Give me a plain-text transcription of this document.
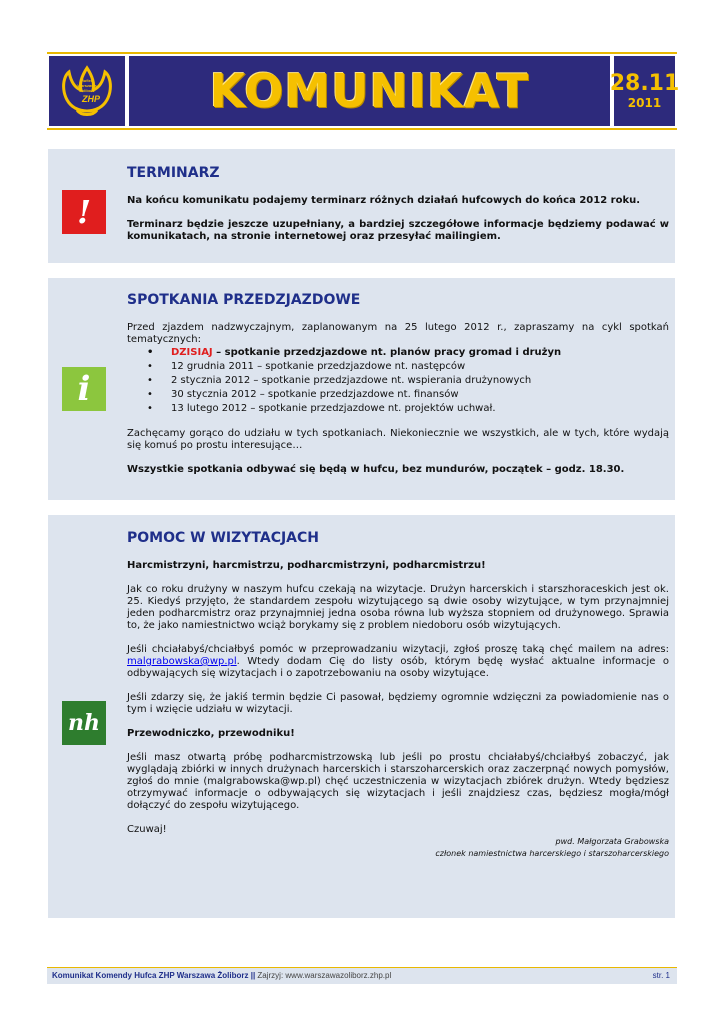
Hufiec
Warszawa
Żoliborz
ZHP KOMUNIKAT	28.11
2011
!
TERMINARZ

Na końcu komunikatu podajemy terminarz różnych działań hufcowych do końca 2012 roku.

Terminarz będzie jeszcze uzupełniany, a bardziej szczegółowe informacje będziemy podawać w komunikatach, na stronie internetowej oraz przesyłać mailingiem.

i
SPOTKANIA PRZEDZJAZDOWE

Przed zjazdem nadzwyczajnym, zaplanowanym na 25 lutego 2012 r., zapraszamy na cykl spotkań tematycznych:

• DZISIAJ – spotkanie przedzjazdowe nt. planów pracy gromad i drużyn
• 12 grudnia 2011 – spotkanie przedzjazdowe nt. następców
• 2 stycznia 2012 – spotkanie przedzjazdowe nt. wspierania drużynowych
• 30 stycznia 2012 – spotkanie przedzjazdowe nt. finansów
• 13 lutego 2012 – spotkanie przedzjazdowe nt. projektów uchwał.

Zachęcamy gorąco do udziału w tych spotkaniach. Niekoniecznie we wszystkich, ale w tych, które wydają się komuś po prostu interesujące…

Wszystkie spotkania odbywać się będą w hufcu, bez mundurów, początek – godz. 18.30.

nh
POMOC W WIZYTACJACH

Harcmistrzyni, harcmistrzu, podharcmistrzyni, podharcmistrzu!

Jak co roku drużyny w naszym hufcu czekają na wizytacje. Drużyn harcerskich i starszhoraceskich jest ok. 25. Kiedyś przyjęto, że standardem zespołu wizytującego są dwie osoby wizytujące, w tym przynajmniej jeden podharcmistrz oraz przynajmniej jedna osoba równa lub wyższa stopniem od drużynowego. Sprawia to, że jako namiestnictwo wciąż borykamy się z problem niedoboru osób wizytujących.

Jeśli chciałabyś/chciałbyś pomóc w przeprowadzaniu wizytacji, zgłoś proszę taką chęć mailem na adres: malgrabowska@wp.pl. Wtedy dodam Cię do listy osób, którym będę wysłać aktualne informacje o odbywających się wizytacjach i o zapotrzebowaniu na osoby wizytujące.

Jeśli zdarzy się, że jakiś termin będzie Ci pasował, będziemy ogromnie wdzięczni za powiadomienie nas o tym i wzięcie udziału w wizytacji.

Przewodniczko, przewodniku!

Jeśli masz otwartą próbę podharcmistrzowską lub jeśli po prostu chciałabyś/chciałbyś zobaczyć, jak wyglądają zbiórki w innych drużynach harcerskich i starszoharcerskich oraz zaczerpnąć nowych pomysłów, zgłoś do mnie (malgrabowska@wp.pl) chęć uczestniczenia w wizytacjach zbiórek drużyn. Wtedy będziesz otrzymywać informacje o odbywających się wizytacjach i jeśli znajdziesz czas, będziesz mogła/mógł dołączyć do zespołu wizytującego.

Czuwaj!

pwd. Małgorzata Grabowska

członek namiestnictwa harcerskiego i starszoharcerskiego

Komunikat Komendy Hufca ZHP Warszawa Żoliborz || Zajrzyj: www.warszawazoliborz.zhp.pl	str. 1
